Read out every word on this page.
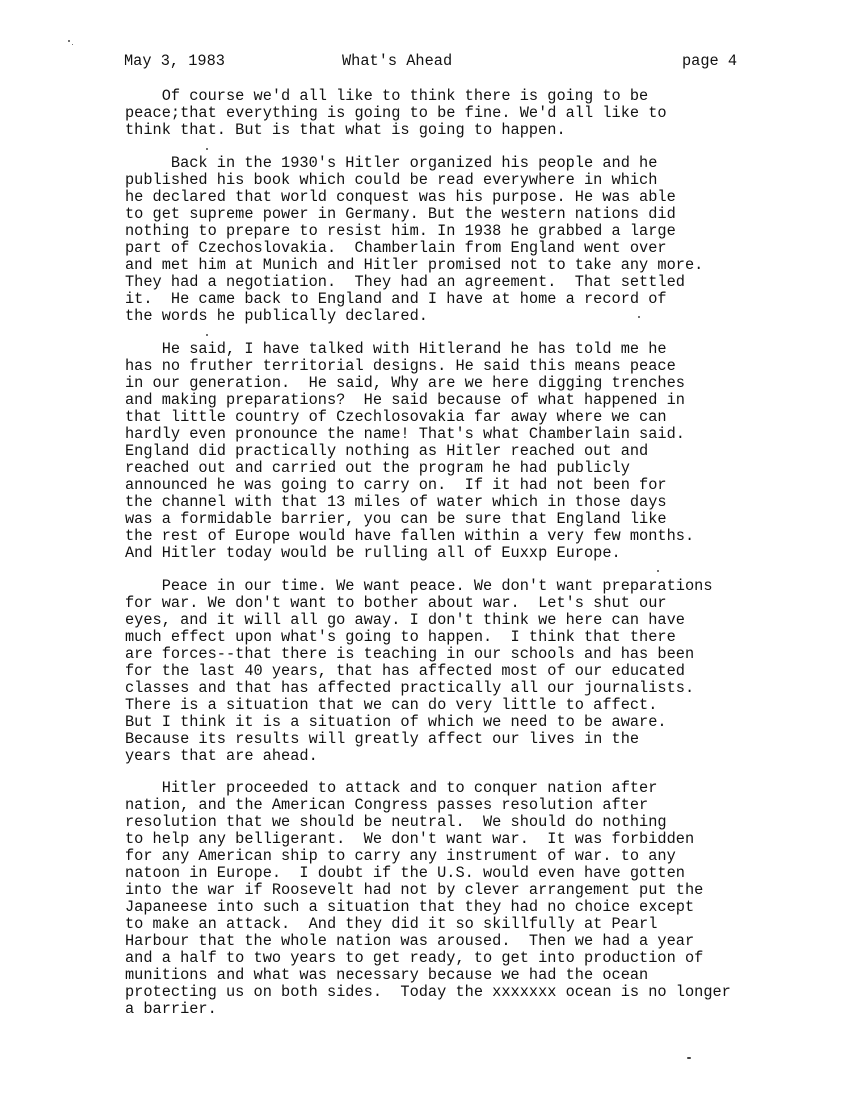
May 3, 1983	What's Ahead	page 4
Of course we'd all like to think there is going to be
peace;that everything is going to be fine. We'd all like to
think that. But is that what is going to happen.
Back in the 1930's Hitler organized his people and he
published his book which could be read everywhere in which
he declared that world conquest was his purpose. He was able
to get supreme power in Germany. But the western nations did
nothing to prepare to resist him. In 1938 he grabbed a large
part of Czechoslovakia.  Chamberlain from England went over
and met him at Munich and Hitler promised not to take any more.
They had a negotiation.  They had an agreement.  That settled
it.  He came back to England and I have at home a record of
the words he publically declared.
He said, I have talked with Hitlerand he has told me he
has no fruther territorial designs. He said this means peace
in our generation.  He said, Why are we here digging trenches
and making preparations?  He said because of what happened in
that little country of Czechlosovakia far away where we can
hardly even pronounce the name! That's what Chamberlain said.
England did practically nothing as Hitler reached out and
reached out and carried out the program he had publicly
announced he was going to carry on.  If it had not been for
the channel with that 13 miles of water which in those days
was a formidable barrier, you can be sure that England like
the rest of Europe would have fallen within a very few months.
And Hitler today would be rulling all of Euxxp Europe.
Peace in our time. We want peace. We don't want preparations
for war. We don't want to bother about war.  Let's shut our
eyes, and it will all go away. I don't think we here can have
much effect upon what's going to happen.  I think that there
are forces--that there is teaching in our schools and has been
for the last 40 years, that has affected most of our educated
classes and that has affected practically all our journalists.
There is a situation that we can do very little to affect.
But I think it is a situation of which we need to be aware.
Because its results will greatly affect our lives in the
years that are ahead.
Hitler proceeded to attack and to conquer nation after
nation, and the American Congress passes resolution after
resolution that we should be neutral.  We should do nothing
to help any belligerant.  We don't want war.  It was forbidden
for any American ship to carry any instrument of war. to any
natoon in Europe.  I doubt if the U.S. would even have gotten
into the war if Roosevelt had not by clever arrangement put the
Japaneese into such a situation that they had no choice except
to make an attack.  And they did it so skillfully at Pearl
Harbour that the whole nation was aroused.  Then we had a year
and a half to two years to get ready, to get into production of
munitions and what was necessary because we had the ocean
protecting us on both sides.  Today the xxxxxxx ocean is no longer
a barrier.
